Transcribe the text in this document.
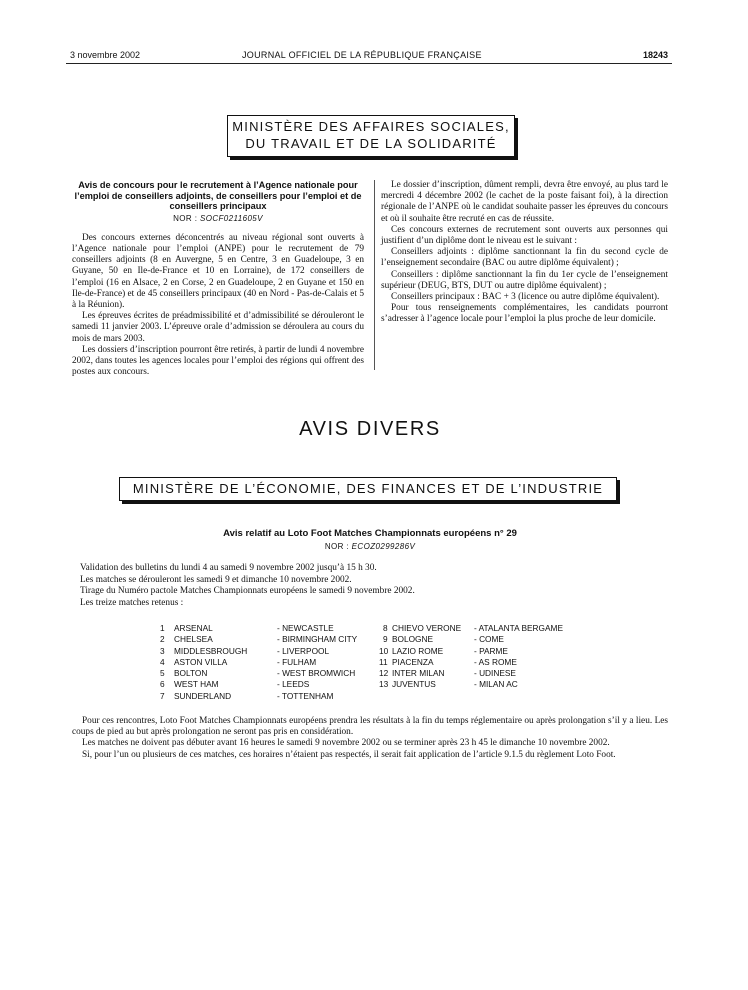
3 novembre 2002	JOURNAL OFFICIEL DE LA RÉPUBLIQUE FRANÇAISE	18243
MINISTÈRE DES AFFAIRES SOCIALES,
DU TRAVAIL ET DE LA SOLIDARITÉ
Avis de concours pour le recrutement à l’Agence nationale pour l’emploi de conseillers adjoints, de conseillers pour l’emploi et de conseillers principaux
NOR : SOCF0211605V

Des concours externes déconcentrés au niveau régional sont ouverts à l’Agence nationale pour l’emploi (ANPE) pour le recrutement de 79 conseillers adjoints (8 en Auvergne, 5 en Centre, 3 en Guadeloupe, 3 en Guyane, 50 en Ile-de-France et 10 en Lorraine), de 172 conseillers de l’emploi (16 en Alsace, 2 en Corse, 2 en Guadeloupe, 2 en Guyane et 150 en Ile-de-France) et de 45 conseillers principaux (40 en Nord - Pas-de-Calais et 5 à la Réunion).

Les épreuves écrites de préadmissibilité et d’admissibilité se dérouleront le samedi 11 janvier 2003. L’épreuve orale d’admission se déroulera au cours du mois de mars 2003.

Les dossiers d’inscription pourront être retirés, à partir de lundi 4 novembre 2002, dans toutes les agences locales pour l’emploi des régions qui offrent des postes aux concours.

Le dossier d’inscription, dûment rempli, devra être envoyé, au plus tard le mercredi 4 décembre 2002 (le cachet de la poste faisant foi), à la direction régionale de l’ANPE où le candidat souhaite passer les épreuves du concours et où il souhaite être recruté en cas de réussite.

Ces concours externes de recrutement sont ouverts aux personnes qui justifient d’un diplôme dont le niveau est le suivant :

Conseillers adjoints : diplôme sanctionnant la fin du second cycle de l’enseignement secondaire (BAC ou autre diplôme équivalent) ;

Conseillers : diplôme sanctionnant la fin du 1er cycle de l’enseignement supérieur (DEUG, BTS, DUT ou autre diplôme équivalent) ;

Conseillers principaux : BAC + 3 (licence ou autre diplôme équivalent).

Pour tous renseignements complémentaires, les candidats pourront s’adresser à l’agence locale pour l’emploi la plus proche de leur domicile.

AVIS DIVERS
MINISTÈRE DE L’ÉCONOMIE, DES FINANCES ET DE L’INDUSTRIE
Avis relatif au Loto Foot Matches Championnats européens n° 29
NOR : ECOZ0299286V
Validation des bulletins du lundi 4 au samedi 9 novembre 2002 jusqu’à 15 h 30.
Les matches se dérouleront les samedi 9 et dimanche 10 novembre 2002.
Tirage du Numéro pactole Matches Championnats européens le samedi 9 novembre 2002.
Les treize matches retenus :
1 ARSENAL	- NEWCASTLE
2 CHELSEA	- BIRMINGHAM CITY
3 MIDDLESBROUGH	- LIVERPOOL
4 ASTON VILLA	- FULHAM
5 BOLTON	- WEST BROMWICH
6 WEST HAM	- LEEDS
7 SUNDERLAND	- TOTTENHAM
8 CHIEVO VERONE - ATALANTA BERGAME
9 BOLOGNE	- COME
10 LAZIO ROME	- PARME
11 PIACENZA	- AS ROME
12 INTER MILAN	- UDINESE
13 JUVENTUS	- MILAN AC

Pour ces rencontres, Loto Foot Matches Championnats européens prendra les résultats à la fin du temps réglementaire ou après prolongation s’il y a lieu. Les coups de pied au but après prolongation ne seront pas pris en considération.

Les matches ne doivent pas débuter avant 16 heures le samedi 9 novembre 2002 ou se terminer après 23 h 45 le dimanche 10 novembre 2002.

Si, pour l’un ou plusieurs de ces matches, ces horaires n’étaient pas respectés, il serait fait application de l’article 9.1.5 du règlement Loto Foot.
